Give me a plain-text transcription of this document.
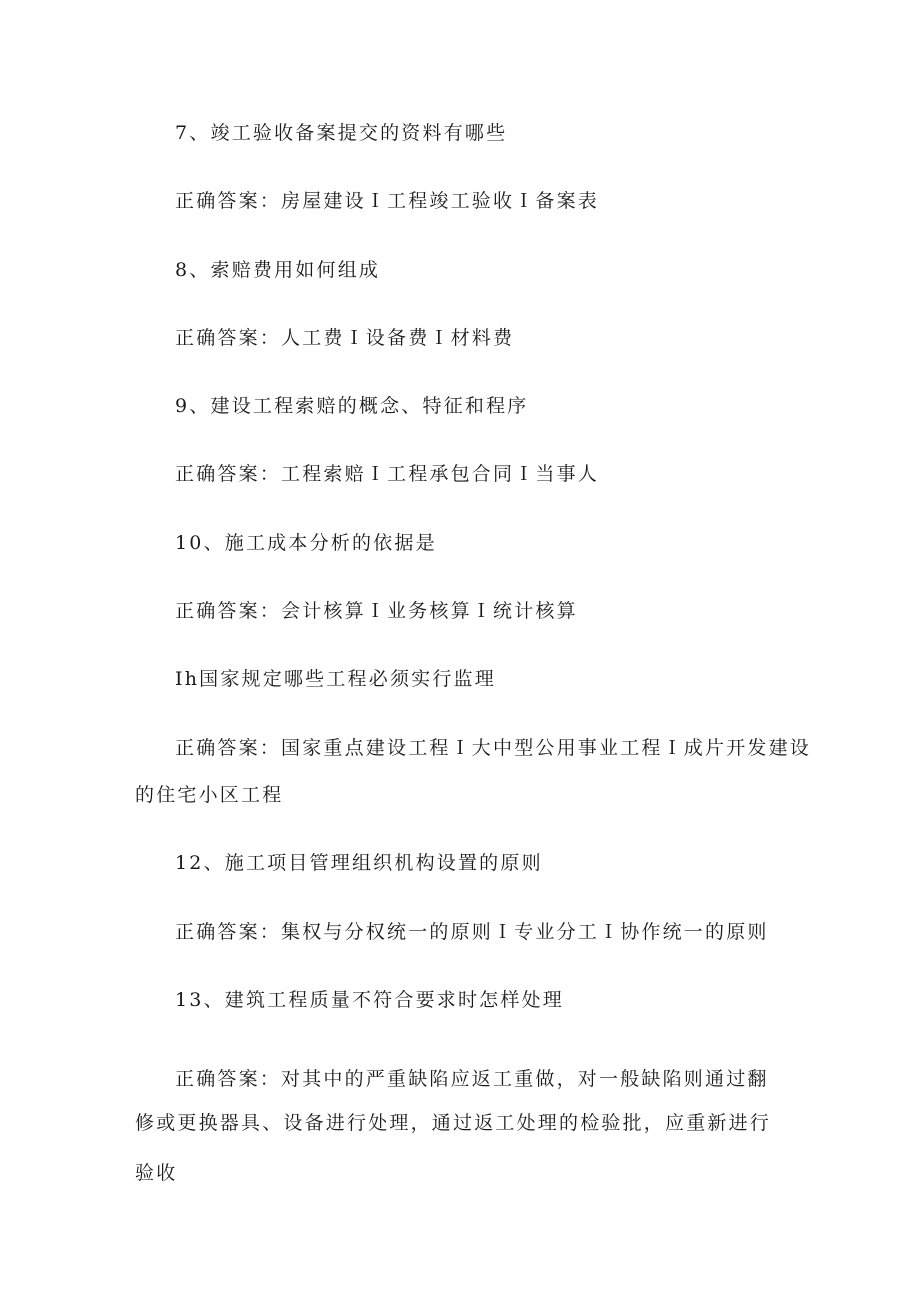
7、竣工验收备案提交的资料有哪些
正确答案：房屋建设Ｉ工程竣工验收Ｉ备案表
8、索赔费用如何组成
正确答案：人工费Ｉ设备费Ｉ材料费
9、建设工程索赔的概念、特征和程序
正确答案：工程索赔Ｉ工程承包合同Ｉ当事人
10、施工成本分析的依据是
正确答案：会计核算Ｉ业务核算Ｉ统计核算
Ih国家规定哪些工程必须实行监理
正确答案：国家重点建设工程Ｉ大中型公用事业工程Ｉ成片开发建设
的住宅小区工程
12、施工项目管理组织机构设置的原则
正确答案：集权与分权统一的原则Ｉ专业分工Ｉ协作统一的原则
13、建筑工程质量不符合要求时怎样处理
正确答案：对其中的严重缺陷应返工重做，对一般缺陷则通过翻
修或更换器具、设备进行处理，通过返工处理的检验批，应重新进行
验收
